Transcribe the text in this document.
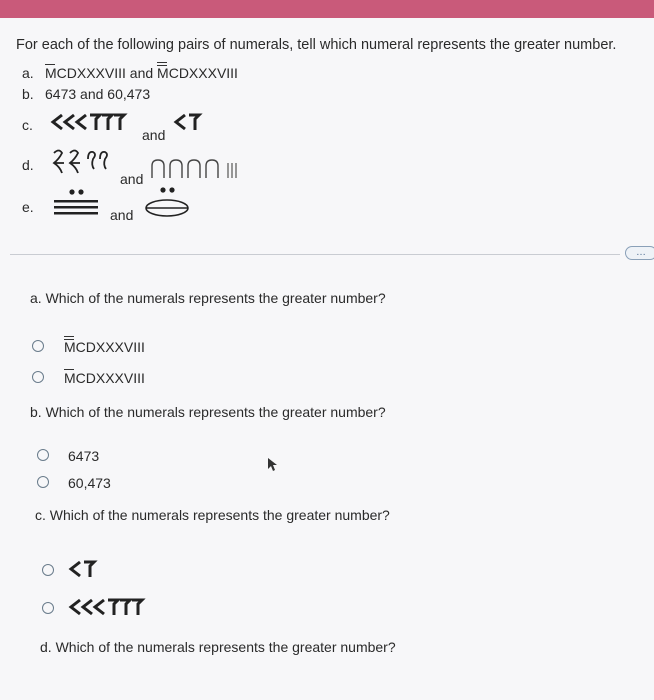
For each of the following pairs of numerals, tell which numeral represents the greater number.
a. MCDXXXVIII and MCDXXXVIII
b. 6473 and 60,473
c.
and
d.
and
e.	and
…
a. Which of the numerals represents the greater number?
MCDXXXVIII
MCDXXXVIII
b. Which of the numerals represents the greater number?
6473
60,473
c. Which of the numerals represents the greater number?
d. Which of the numerals represents the greater number?
